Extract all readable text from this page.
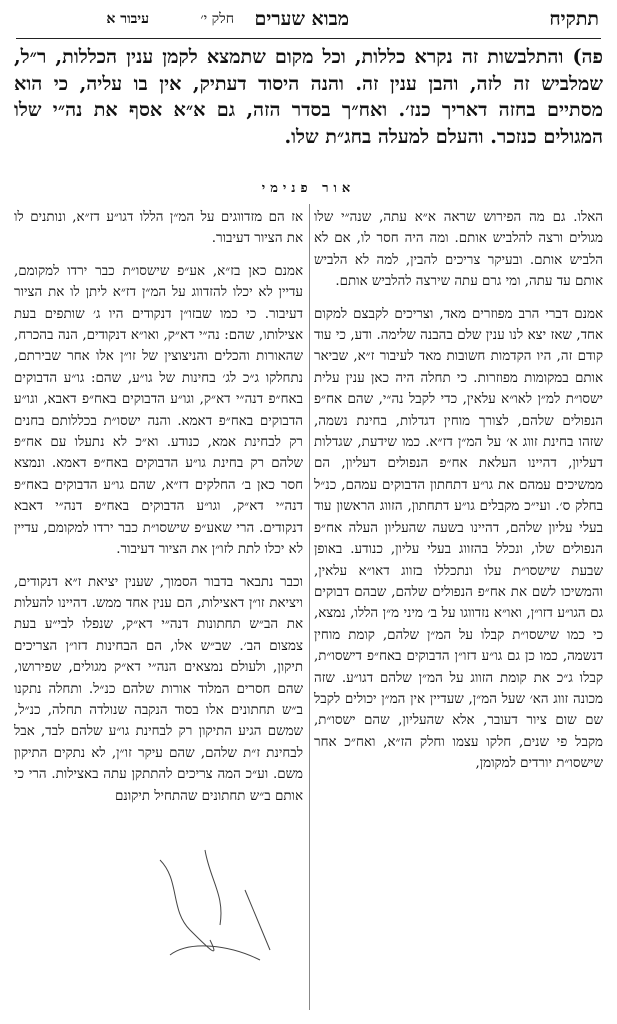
תתקיח
מבוא שערים
חלק י׳
עיבור א

פה) והתלבשות זה נקרא כללות, וכל מקום שתמצא לקמן ענין הכללות, ר״ל, שמלביש זה לזה, והבן ענין זה. והנה היסוד דעתיק, אין בו עליה, כי הוא מסתיים בחזה דאריך כנז׳. ואח״ך בסדר הזה, גם א״א אסף את נה״י שלו המגולים כנזכר. והעלם למעלה בחג״ת שלו.

אור פנימי

האלו. גם מה הפירוש שראה א״א עתה, שנה״י שלו מגולים ורצה להלביש אותם. ומה היה חסר לו, אם לא הלביש אותם. ובעיקר צריכים להבין, למה לא הלביש אותם עד עתה, ומי גרם עתה שירצה להלביש אותם.

אמנם דברי הרב מפוזרים מאד, וצריכים לקבצם למקום אחד, שאז יצא לנו ענין שלם בהבנה שלימה. ודע, כי עוד קודם זה, היו הקדמות חשובות מאד לעיבור ז״א, שביאר אותם במקומות מפוזרות. כי תחלה היה כאן ענין עלית ישסו״ת למ״ן לאו״א עלאין, כדי לקבל נה״י, שהם אח״פ הנפולים שלהם, לצורך מוחין דגדלות, בחינת נשמה, שזהו בחינת זווג א׳ על המ״ן דז״א. כמו שידעת, שגדלות דעליון, דהיינו העלאת אח״פ הנפולים דעליון, הם ממשיכים עמהם את גו״ע דתחתון הדבוקים עמהם, כנ״ל בחלק ס׳. ועי״כ מקבלים גו״ע דתחתון, הזווג הראשון עוד בעלי עליון שלהם, דהיינו בשעה שהעליון העלה אח״פ הנפולים שלו, ונכלל בהזווג בעלי עליון, כנודע. באופן שבעת שישסו״ת עלו ונתכללו בזווג דאו״א עלאין, והמשיכו לשם את אח״פ הנפולים שלהם, שבהם דבוקים גם הגו״ע דזו״ן, ואו״א נזדווגו על ב׳ מיני מ״ן הללו, נמצא, כי כמו שישסו״ת קבלו על המ״ן שלהם, קומת מוחין דנשמה, כמו כן גם גו״ע דזו״ן הדבוקים באח״פ דישסו״ת, קבלו ג״כ את קומת הזווג על המ״ן שלהם דגו״ע. שזה מכונה זווג הא׳ שעל המ״ן, שעדיין אין המ״ן יכולים לקבל שם שום ציור דעובר, אלא שהעליון, שהם ישסו״ת, מקבל פי שנים, חלקו עצמו וחלק הז״א, ואח״כ אחר שישסו״ת יורדים למקומן,

אז הם מזדווגים על המ״ן הללו דגו״ע דז״א, ונותנים לו את הציור דעיבור.

אמנם כאן בז״א, אע״פ שישסו״ת כבר ירדו למקומם, עדיין לא יכלו להזדווג על המ״ן דז״א ליתן לו את הציור דעיבור. כי כמו שבזו״ן דנקודים היו ג׳ שותפים בעת אצילותו, שהם: נה״י דא״ק, ואו״א דנקודים, הנה בהכרח, שהאורות והכלים והניצוצין של זו״ן אלו אחר שבירתם, נתחלקו ג״כ לג׳ בחינות של גו״ע, שהם: גו״ע הדבוקים באח״פ דנה״י דא״ק, וגו״ע הדבוקים באח״פ דאבא, וגו״ע הדבוקים באח״פ דאמא. והנה ישסו״ת בכללותם בחנים רק לבחינת אמא, כנודע. וא״כ לא נתעלו עם אח״פ שלהם רק בחינת גו״ע הדבוקים באח״פ דאמא. ונמצא חסר כאן ב׳ החלקים דז״א, שהם גו״ע הדבוקים באח״פ דנה״י דא״ק, וגו״ע הדבוקים באח״פ דנה״י דאבא דנקודים. הרי שאע״פ שישסו״ת כבר ירדו למקומם, עדיין לא יכלו לתת לזו״ן את הציור דעיבור.

וכבר נתבאר בדבור הסמוך, שענין יציאת ז״א דנקודים, ויציאת זו״ן דאצילות, הם ענין אחד ממש. דהיינו להעלות את הב״ש תחתונות דנה״י דא״ק, שנפלו לבי״ע בעת צמצום הב׳. שב״ש אלו, הם הבחינות דזו״ן הצריכים תיקון, ולעולם נמצאים הנה״י דא״ק מגולים, שפירושו, שהם חסרים המלוד אורות שלהם כנ״ל. ותחלה נתקנו ב״ש תחתונים אלו בסוד הנקבה שנולדה תחלה, כנ״ל, שמשם הגיע התיקון רק לבחינת גו״ע שלהם לבד, אבל לבחינת ז״ת שלהם, שהם עיקר זו״ן, לא נתקים התיקון משם. וע״כ המה צריכים להתתקן עתה באצילות. הרי כי אותם ב״ש תחתונים שהתחיל תיקונם
